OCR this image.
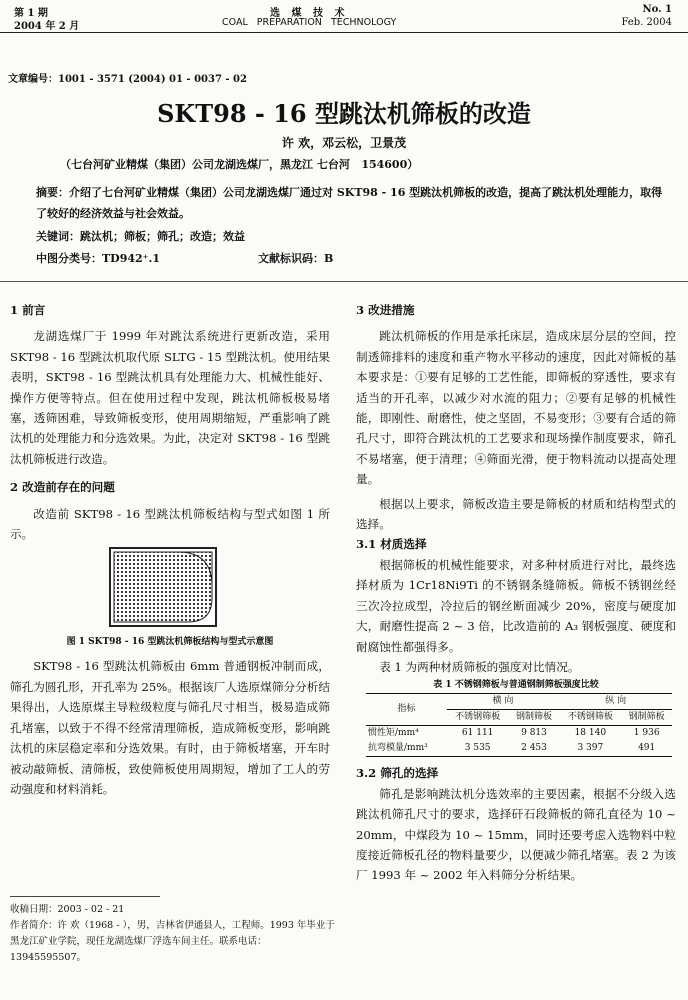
第 1 期
2004 年 2 月
选 煤 技 术
COAL   PREPARATION   TECHNOLOGY
No. 1
Feb. 2004
文章编号：1001 - 3571 (2004) 01 - 0037 - 02
SKT98 - 16 型跳汰机筛板的改造
许 欢，邓云松，卫景茂
（七台河矿业精煤（集团）公司龙湖选煤厂，黑龙江 七台河   154600）
摘要：介绍了七台河矿业精煤（集团）公司龙湖选煤厂通过对 SKT98 - 16 型跳汰机筛板的改造，提高了跳汰机处理能力，取得了较好的经济效益与社会效益。
关键词：跳汰机；筛板；筛孔；改造；效益
中图分类号：TD942⁺.1	文献标识码：B
1 前言

龙湖选煤厂于 1999 年对跳汰系统进行更新改造，采用 SKT98 - 16 型跳汰机取代原 SLTG - 15 型跳汰机。使用结果表明，SKT98 - 16 型跳汰机具有处理能力大、机械性能好、操作方便等特点。但在使用过程中发现，跳汰机筛板极易堵塞，透筛困难，导致筛板变形，使用周期缩短，严重影响了跳汰机的处理能力和分选效果。为此，决定对 SKT98 - 16 型跳汰机筛板进行改造。

2 改造前存在的问题

改造前 SKT98 - 16 型跳汰机筛板结构与型式如图 1 所示。

图 1 SKT98 - 16 型跳汰机筛板结构与型式示意图

SKT98 - 16 型跳汰机筛板由 6mm 普通钢板冲制而成，筛孔为圆孔形，开孔率为 25%。根据该厂人选原煤筛分分析结果得出，人选原煤主导粒级粒度与筛孔尺寸相当，极易造成筛孔堵塞，以致于不得不经常清理筛板，造成筛板变形，影响跳汰机的床层稳定率和分选效果。有时，由于筛板堵塞，开车时被动敲筛板、清筛板，致使筛板使用周期短，增加了工人的劳动强度和材料消耗。

收稿日期：2003 - 02 - 21
作者简介：许 欢（1968 - ），男，吉林省伊通县人，工程师。1993 年毕业于黑龙江矿业学院，现任龙湖选煤厂浮选车间主任。联系电话：13945595507。
3 改进措施

跳汰机筛板的作用是承托床层，造成床层分层的空间，控制透筛排料的速度和重产物水平移动的速度，因此对筛板的基本要求是：①要有足够的工艺性能，即筛板的穿透性，要求有适当的开孔率，以减少对水流的阻力；②要有足够的机械性能，即刚性、耐磨性，使之坚固，不易变形；③要有合适的筛孔尺寸，即符合跳汰机的工艺要求和现场操作制度要求，筛孔不易堵塞，便于清理；④筛面光滑，便于物料流动以提高处理量。

根据以上要求，筛板改造主要是筛板的材质和结构型式的选择。

3.1 材质选择

根据筛板的机械性能要求，对多种材质进行对比，最终选择材质为 1Cr18Ni9Ti 的不锈钢条缝筛板。筛板不锈钢丝经三次冷拉成型，冷拉后的钢丝断面减少 20%，密度与硬度加大，耐磨性提高 2 ~ 3 倍，比改造前的 A₃ 钢板强度、硬度和耐腐蚀性都强得多。

表 1 为两种材质筛板的强度对比情况。

表 1 不锈钢筛板与普通钢制筛板强度比较
指标	横 向		纵 向	
	不锈钢筛板	钢制筛板	不锈钢筛板	钢制筛板
惯性矩/mm⁴	61 111	9 813	18 140	1 936
抗弯模量/mm³	3 535	2 453	3 397	491
3.2 筛孔的选择

筛孔是影响跳汰机分选效率的主要因素，根据不分级入选跳汰机筛孔尺寸的要求，选择矸石段筛板的筛孔直径为 10 ~ 20mm，中煤段为 10 ~ 15mm，同时还要考虑入选物料中粒度接近筛板孔径的物料量要少，以便减少筛孔堵塞。表 2 为该厂 1993 年 ~ 2002 年入料筛分分析结果。
